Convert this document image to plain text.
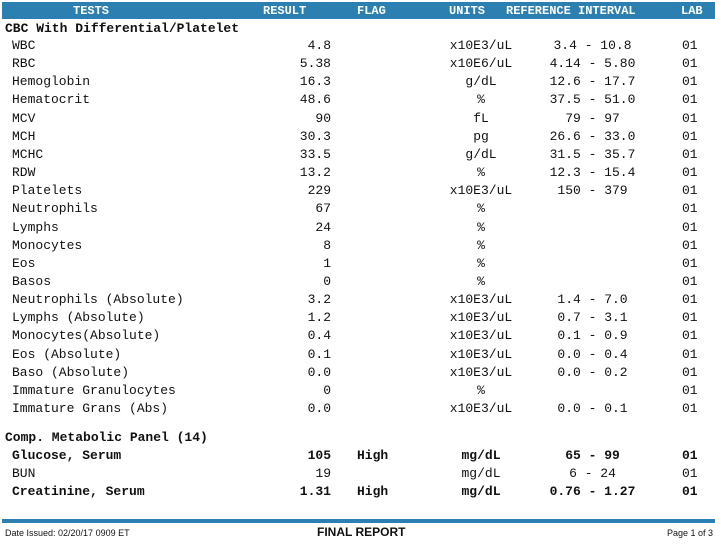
TESTS	RESULT	FLAG	UNITS REFERENCE INTERVAL	LAB
CBC With Differential/Platelet
WBC	4.8	x10E3/uL	3.4 - 10.8	01
RBC	5.38	x10E6/uL	4.14 - 5.80	01
Hemoglobin	16.3	g/dL	12.6 - 17.7	01
Hematocrit	48.6	%	37.5 - 51.0	01
MCV	90	fL	79 - 97	01
MCH	30.3	pg	26.6 - 33.0	01
MCHC	33.5	g/dL	31.5 - 35.7	01
RDW	13.2	%	12.3 - 15.4	01
Platelets	229	x10E3/uL	150 - 379	01
Neutrophils	67	%	01
Lymphs	24	%	01
Monocytes	8	%	01
Eos	1	%	01
Basos	0	%	01
Neutrophils (Absolute)	3.2	x10E3/uL	1.4 - 7.0	01
Lymphs (Absolute)	1.2	x10E3/uL	0.7 - 3.1	01
Monocytes(Absolute)	0.4	x10E3/uL	0.1 - 0.9	01
Eos (Absolute)	0.1	x10E3/uL	0.0 - 0.4	01
Baso (Absolute)	0.0	x10E3/uL	0.0 - 0.2	01
Immature Granulocytes	0	%	01
Immature Grans (Abs)	0.0	x10E3/uL	0.0 - 0.1	01
Comp. Metabolic Panel (14)
Glucose, Serum	105 High	mg/dL	65 - 99	01
BUN	19	mg/dL	6 - 24	01
Creatinine, Serum	1.31 High	mg/dL	0.76 - 1.27	01
Date Issued: 02/20/17 0909 ET	FINAL REPORT	Page 1 of 3
